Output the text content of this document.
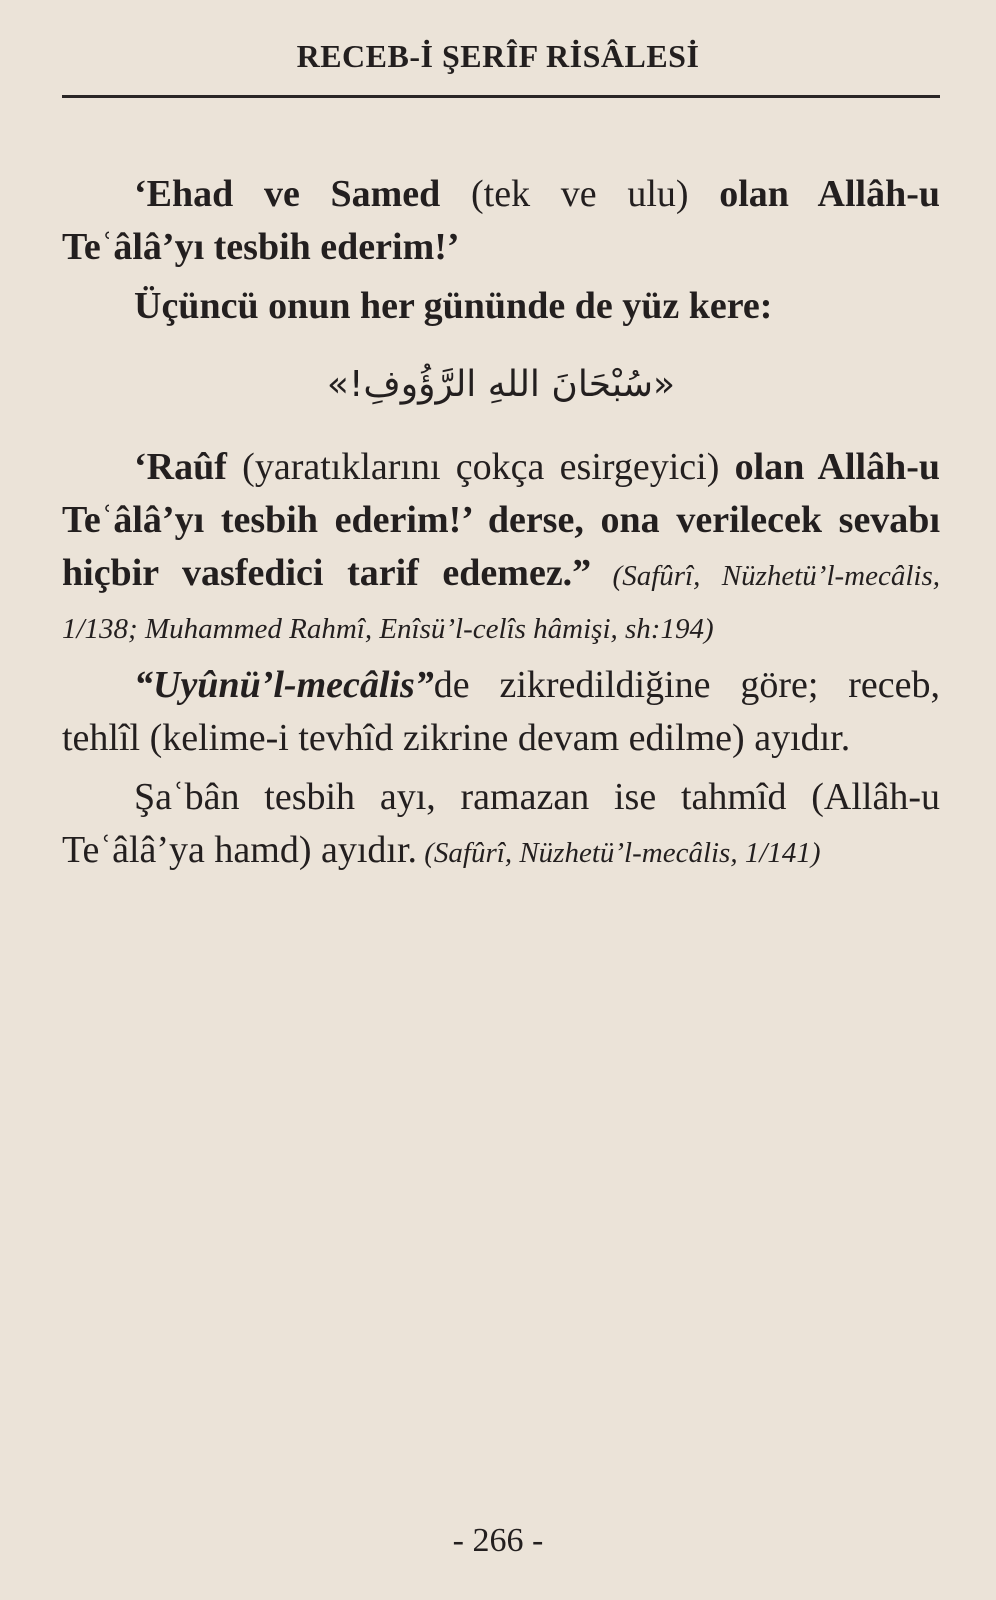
RECEB-İ ŞERÎF RİSÂLESİ

‘Ehad ve Samed (tek ve ulu) olan Allâh-u Teʿâlâ’yı tesbih ederim!’

Üçüncü onun her gününde de yüz kere:

«سُبْحَانَ اللهِ الرَّؤُوفِ!»

‘Raûf (yaratıklarını çokça esirgeyici) olan Allâh-u Teʿâlâ’yı tesbih ederim!’ derse, ona verilecek sevabı hiçbir vasfedici tarif edemez.” (Safûrî, Nüzhetü’l-mecâlis, 1/138; Muhammed Rahmî, Enîsü’l-celîs hâmişi, sh:194)

“Uyûnü’l-mecâlis”de zikredildiğine göre; receb, tehlîl (kelime-i tevhîd zikrine devam edilme) ayıdır.

Şaʿbân tesbih ayı, ramazan ise tahmîd (Allâh-u Teʿâlâ’ya hamd) ayıdır. (Safûrî, Nüzhetü’l-mecâlis, 1/141)

- 266 -
